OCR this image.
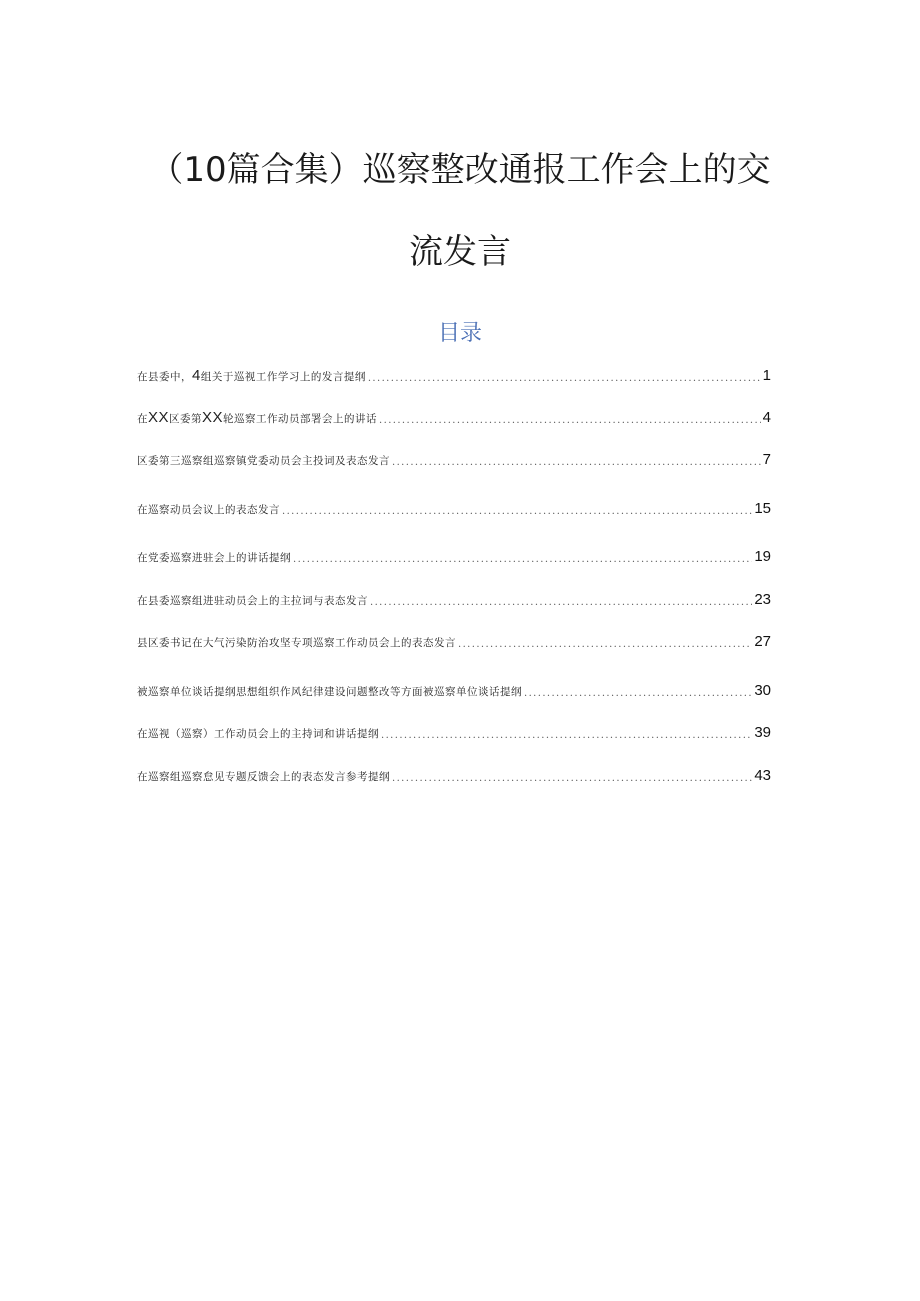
（10篇合集）巡察整改通报工作会上的交
流发言
目录
在县委中，4组关于巡视工作学习上的发言提纲 .....	1
在XX区委第XX轮巡察工作动员部署会上的讲话 .....	4
区委第三巡察组巡察镇党委动员会主投词及表态发言 .....	7
在巡察动员会议上的表态发言 .....	15
在党委巡察进驻会上的讲话提纲 .....	19
在县委巡察组进驻动员会上的主拉词与表态发言 .....	23
县区委书记在大气污染防治攻坚专项巡察工作动员会上的表态发言 .....	27
被巡察单位谈话提纲思想组织作风纪律建设问题整改等方面被巡察单位谈话提纲 .....	30
在巡视（巡察）工作动员会上的主持词和讲话提纲 .....	39
在巡察组巡察怠见专题反馈会上的表态发言参考提纲 .....	43
